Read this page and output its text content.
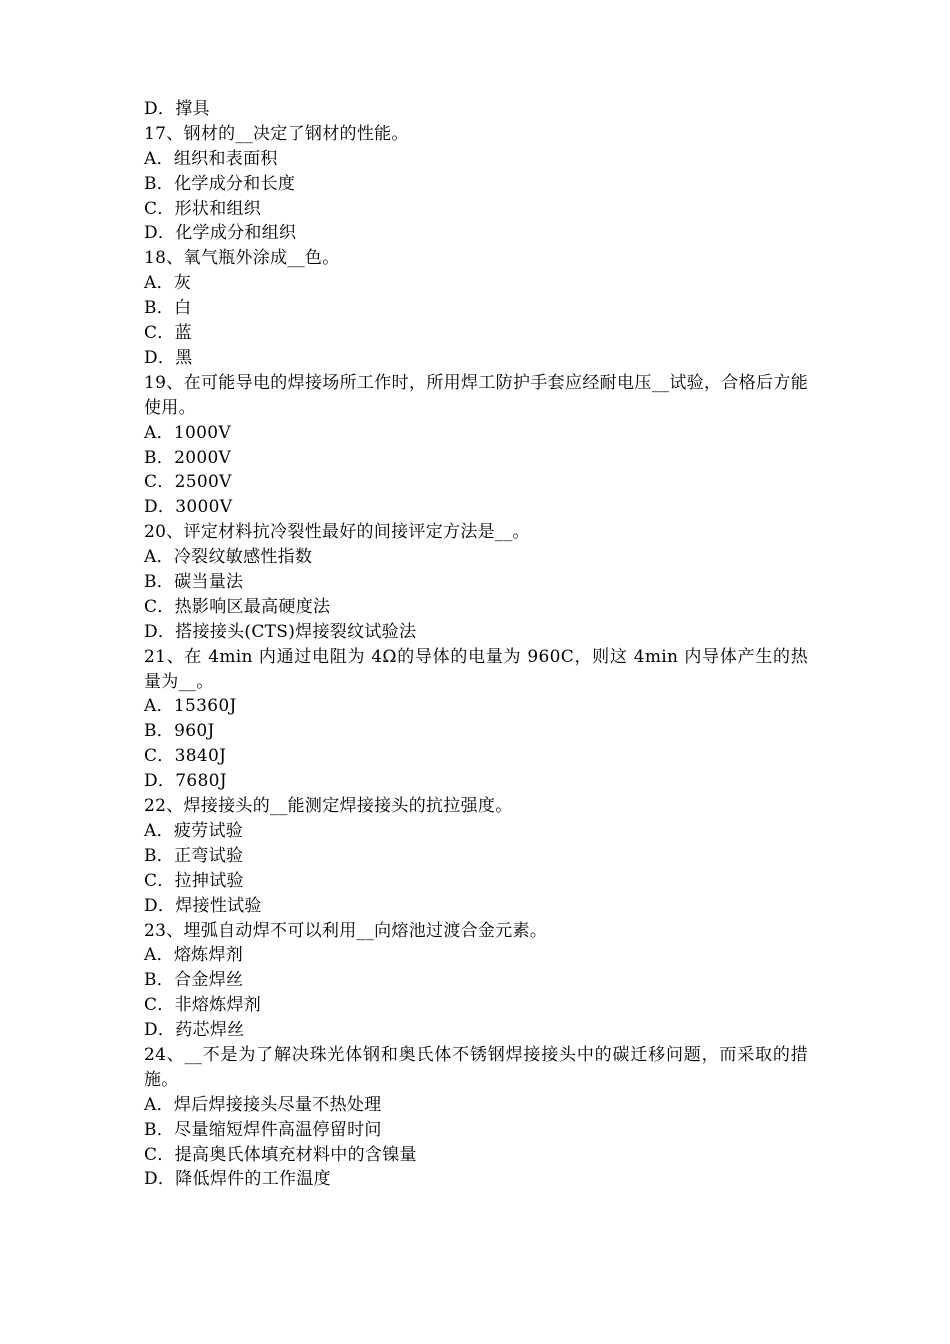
D．撑具
17、钢材的__决定了钢材的性能。
A．组织和表面积
B．化学成分和长度
C．形状和组织
D．化学成分和组织
18、氧气瓶外涂成__色。
A．灰
B．白
C．蓝
D．黑
19、在可能导电的焊接场所工作时，所用焊工防护手套应经耐电压__试验，合格后方能使用。
A．1000V
B．2000V
C．2500V
D．3000V
20、评定材料抗冷裂性最好的间接评定方法是__。
A．冷裂纹敏感性指数
B．碳当量法
C．热影响区最高硬度法
D．搭接接头(CTS)焊接裂纹试验法
21、在 4min 内通过电阻为 4Ω的导体的电量为 960C，则这 4min 内导体产生的热量为__。
A．15360J
B．960J
C．3840J
D．7680J
22、焊接接头的__能测定焊接接头的抗拉强度。
A．疲劳试验
B．正弯试验
C．拉抻试验
D．焊接性试验
23、埋弧自动焊不可以利用__向熔池过渡合金元素。
A．熔炼焊剂
B．合金焊丝
C．非熔炼焊剂
D．药芯焊丝
24、__不是为了解决珠光体钢和奥氏体不锈钢焊接接头中的碳迁移问题，而采取的措施。
A．焊后焊接接头尽量不热处理
B．尽量缩短焊件高温停留时问
C．提高奥氏体填充材料中的含镍量
D．降低焊件的工作温度
